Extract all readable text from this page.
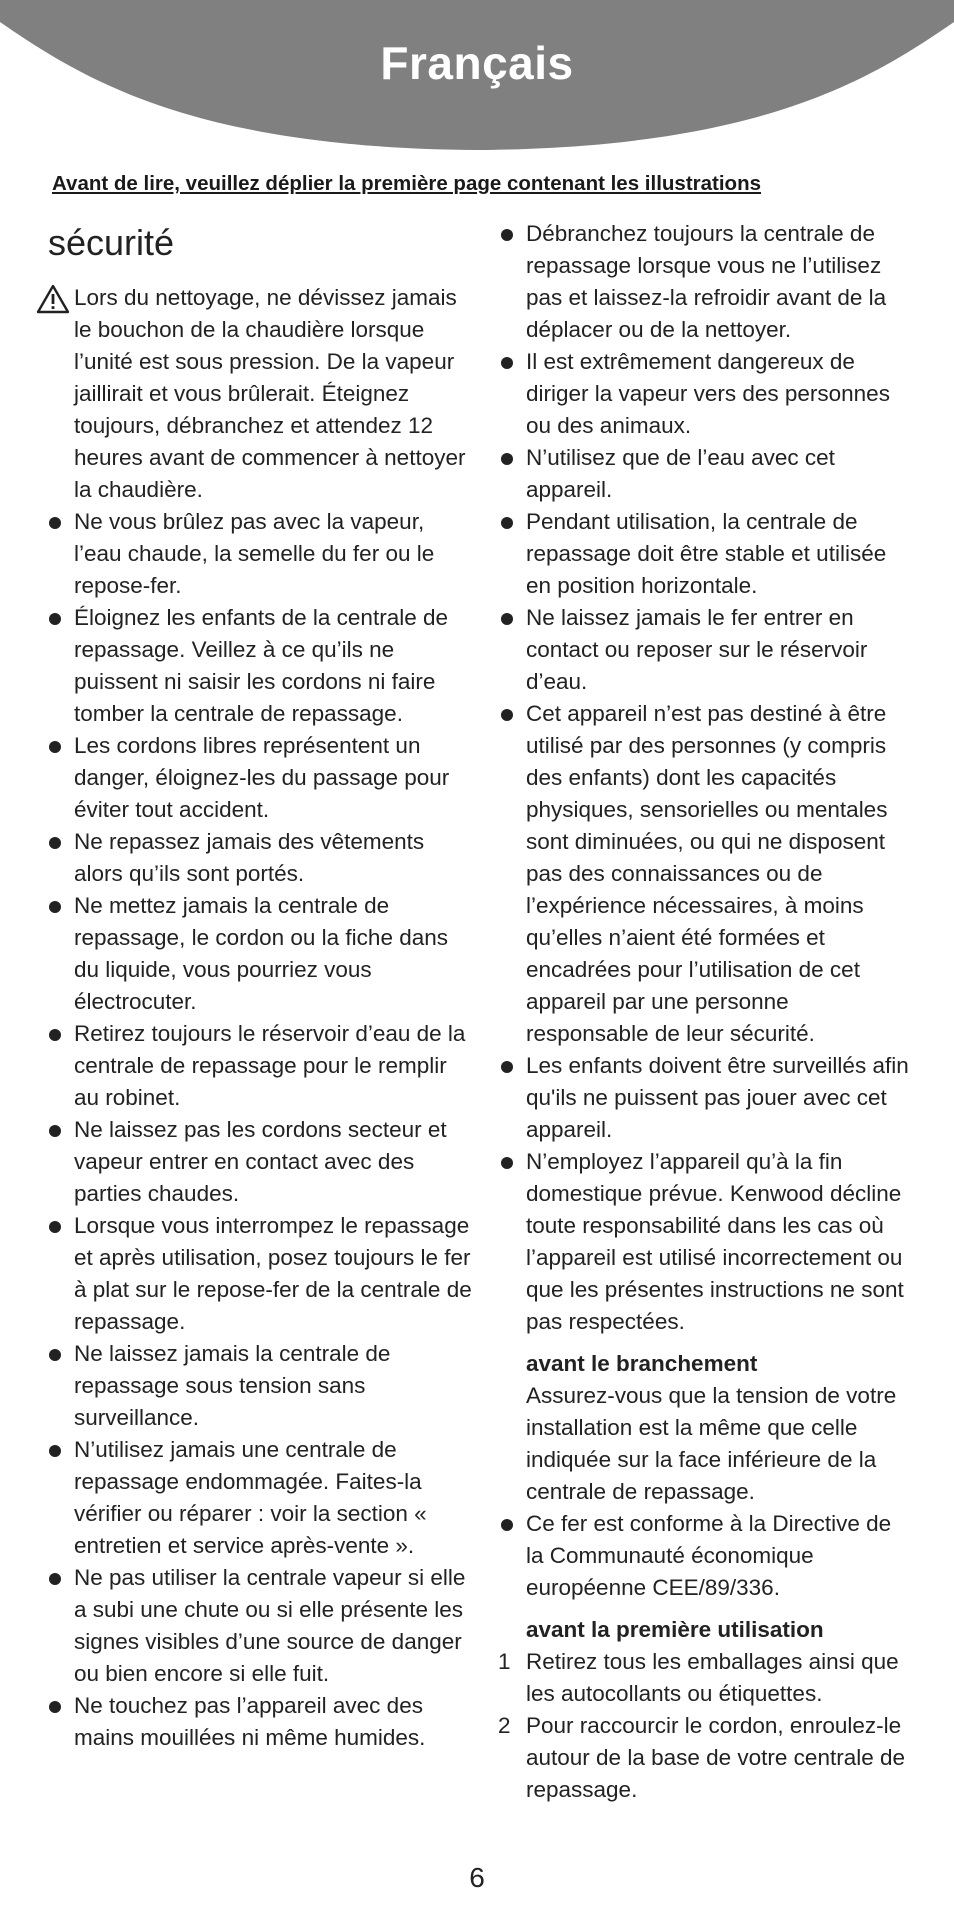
Français
Avant de lire, veuillez déplier la première page contenant les illustrations
sécurité
Lors du nettoyage, ne dévissez jamais le bouchon de la chaudière lorsque l’unité est sous pression. De la vapeur jaillirait et vous brûlerait. Éteignez toujours, débranchez et attendez 12 heures avant de commencer à nettoyer la chaudière.
Ne vous brûlez pas avec la vapeur, l’eau chaude, la semelle du fer ou le repose-fer.
Éloignez les enfants de la centrale de repassage. Veillez à ce qu’ils ne puissent ni saisir les cordons ni faire tomber la centrale de repassage.
Les cordons libres représentent un danger, éloignez-les du passage pour éviter tout accident.
Ne repassez jamais des vêtements alors qu’ils sont portés.
Ne mettez jamais la centrale de repassage, le cordon ou la fiche dans du liquide, vous pourriez vous électrocuter.
Retirez toujours le réservoir d’eau de la centrale de repassage pour le remplir au robinet.
Ne laissez pas les cordons secteur et vapeur entrer en contact avec des parties chaudes.
Lorsque vous interrompez le repassage et après utilisation, posez toujours le fer à plat sur le repose-fer de la centrale de repassage.
Ne laissez jamais la centrale de repassage sous tension sans surveillance.
N’utilisez jamais une centrale de repassage endommagée. Faites-la vérifier ou réparer : voir la section « entretien et service après-vente ».
Ne pas utiliser la centrale vapeur si elle a subi une chute ou si elle présente les signes visibles d’une source de danger ou bien encore si elle fuit.
Ne touchez pas l’appareil avec des mains mouillées ni même humides.
Débranchez toujours la centrale de repassage lorsque vous ne l’utilisez pas et laissez-la refroidir avant de la déplacer ou de la nettoyer.
Il est extrêmement dangereux de diriger la vapeur vers des personnes ou des animaux.
N’utilisez que de l’eau avec cet appareil.
Pendant utilisation, la centrale de repassage doit être stable et utilisée en position horizontale.
Ne laissez jamais le fer entrer en contact ou reposer sur le réservoir d’eau.
Cet appareil n’est pas destiné à être utilisé par des personnes (y compris des enfants) dont les capacités physiques, sensorielles ou mentales sont diminuées, ou qui ne disposent pas des connaissances ou de l’expérience nécessaires, à moins qu’elles n’aient été formées et encadrées pour l’utilisation de cet appareil par une personne responsable de leur sécurité.
Les enfants doivent être surveillés afin qu'ils ne puissent pas jouer avec cet appareil.
N’employez l’appareil qu’à la fin domestique prévue. Kenwood décline toute responsabilité dans les cas où l’appareil est utilisé incorrectement ou que les présentes instructions ne sont pas respectées.
avant le branchement
Assurez-vous que la tension de votre installation est la même que celle indiquée sur la face inférieure de la centrale de repassage.
Ce fer est conforme à la Directive de la Communauté économique européenne CEE/89/336.
avant la première utilisation
1 Retirez tous les emballages ainsi que les autocollants ou étiquettes.
2 Pour raccourcir le cordon, enroulez-le autour de la base de votre centrale de repassage.
6
